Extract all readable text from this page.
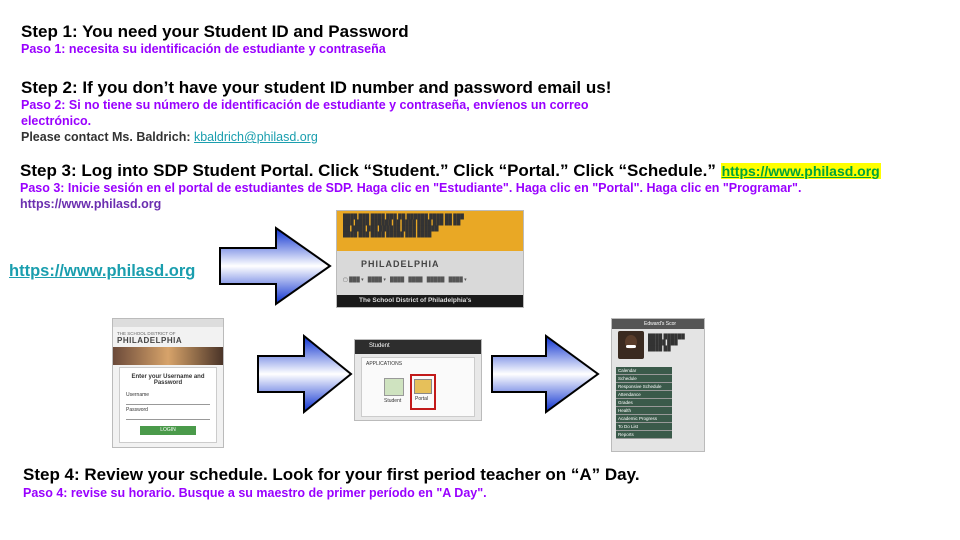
Step 1: You need your Student ID and Password
Paso 1: necesita su identificación de estudiante y contraseña
Step 2: If you don’t have your student ID number and password email us!
Paso 2: Si no tiene su número de identificación de estudiante y contraseña, envíenos un correo
electrónico.
Please contact Ms. Baldrich: kbaldrich@philasd.org
Step 3: Log into SDP Student Portal. Click “Student.” Click “Portal.” Click “Schedule.” https://www.philasd.org
Paso 3: Inicie sesión en el portal de estudiantes de SDP. Haga clic en "Estudiante". Haga clic en "Portal". Haga clic en "Programar".
https://www.philasd.org
https://www.philasd.org
████ ███ ████ ███ ██ ██████ ████ ██ ███
███ ████ ██████ ██ ████ ████ ███ ██ ██
██ ████ ███ ██████ ████ ██████
████ ███ ████ █████ ███ ████
PHILADELPHIA
▢ ███ ▾   ████ ▾   ████   ████   █████   ████ ▾
The School District of Philadelphia's
THE SCHOOL DISTRICT OF
PHILADELPHIA
Enter your Username and Password
Username
Password
LOGIN
Student
APPLICATIONS
Student	Portal
Edward's Scor
████ ██████
█████ ███
████ ██
Calendar
Schedule
Responsive Schedule
Attendance
Grades
Health
Academic Progress
To Do List
Reports
Step 4: Review your schedule. Look for your first period teacher on “A” Day.
Paso 4: revise su horario. Busque a su maestro de primer período en "A Day".
